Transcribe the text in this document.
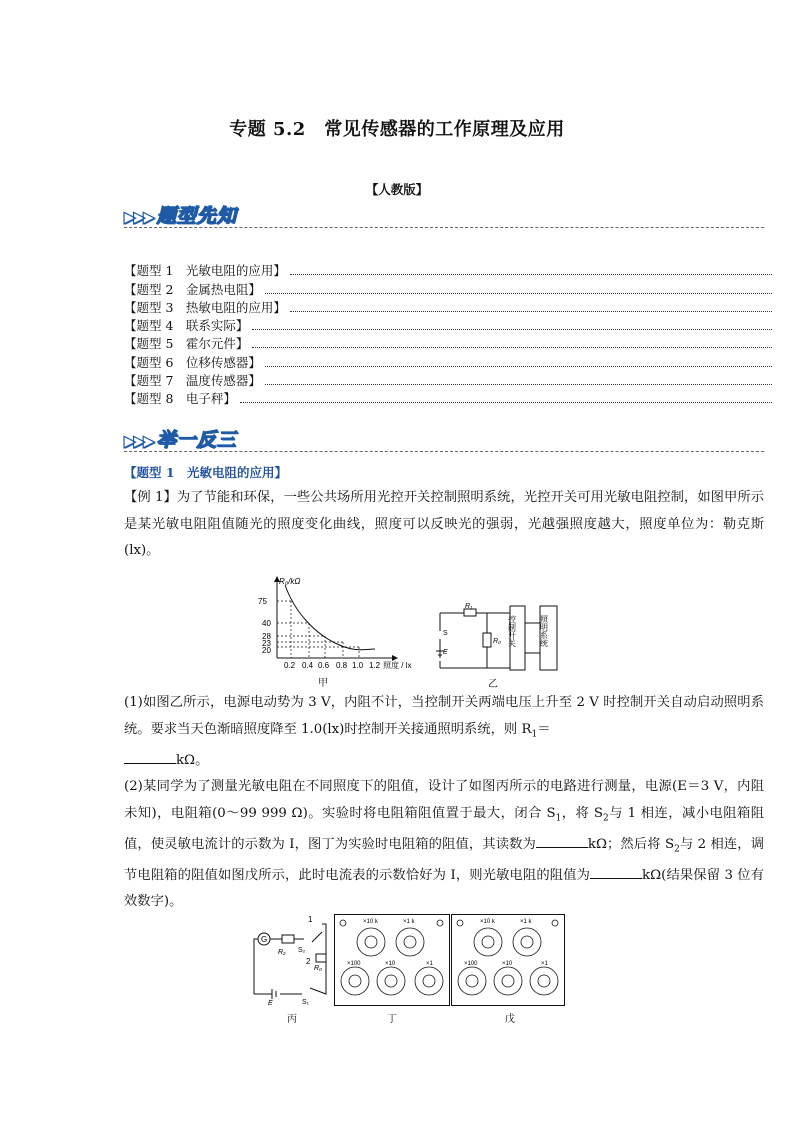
专题 5.2　常见传感器的工作原理及应用
【人教版】
▶▶▶ 题型先知
【题型 1　光敏电阻的应用】
【题型 2　金属热电阻】
【题型 3　热敏电阻的应用】
【题型 4　联系实际】
【题型 5　霍尔元件】
【题型 6　位移传感器】
【题型 7　温度传感器】
【题型 8　电子秤】
▶▶▶ 举一反三
【题型 1　光敏电阻的应用】
【例 1】为了节能和环保，一些公共场所用光控开关控制照明系统，光控开关可用光敏电阻控制，如图甲所示是某光敏电阻阻值随光的照度变化曲线，照度可以反映光的强弱，光越强照度越大，照度单位为：勒克斯(lx)。
R₀/kΩ
75
40
28
23
20
0.2 0.4 0.6 0.8 1.0 1.2 照度 / lx
甲
R₁
S
R₀
E
控制开关	照明系统
乙
(1)如图乙所示，电源电动势为 3 V，内阻不计，当控制开关两端电压上升至 2 V 时控制开关自动启动照明系统。要求当天色渐暗照度降至 1.0(lx)时控制开关接通照明系统，则 $R_1=$
kΩ。
(2)某同学为了测量光敏电阻在不同照度下的阻值，设计了如图丙所示的电路进行测量，电源(E＝3 V，内阻未知)，电阻箱(0～99 999 Ω)。实验时将电阻箱阻值置于最大，闭合 $S_1$，将 $S_2$与 1 相连，减小电阻箱阻值，使灵敏电流计的示数为 I，图丁为实验时电阻箱的阻值，其读数为	kΩ；然后将 $S_2$与 2 相连，调节电阻箱的阻值如图戊所示，此时电流表的示数恰好为 I，则光敏电阻的阻值为	kΩ(结果保留 3 位有效数字)。
G
R₂ S₂
1
2
R₀
E	S₁
丙
×10 k	×1 k
×100	×10	×1
丁
×10 k	×1 k
×100	×10	×1
戊
